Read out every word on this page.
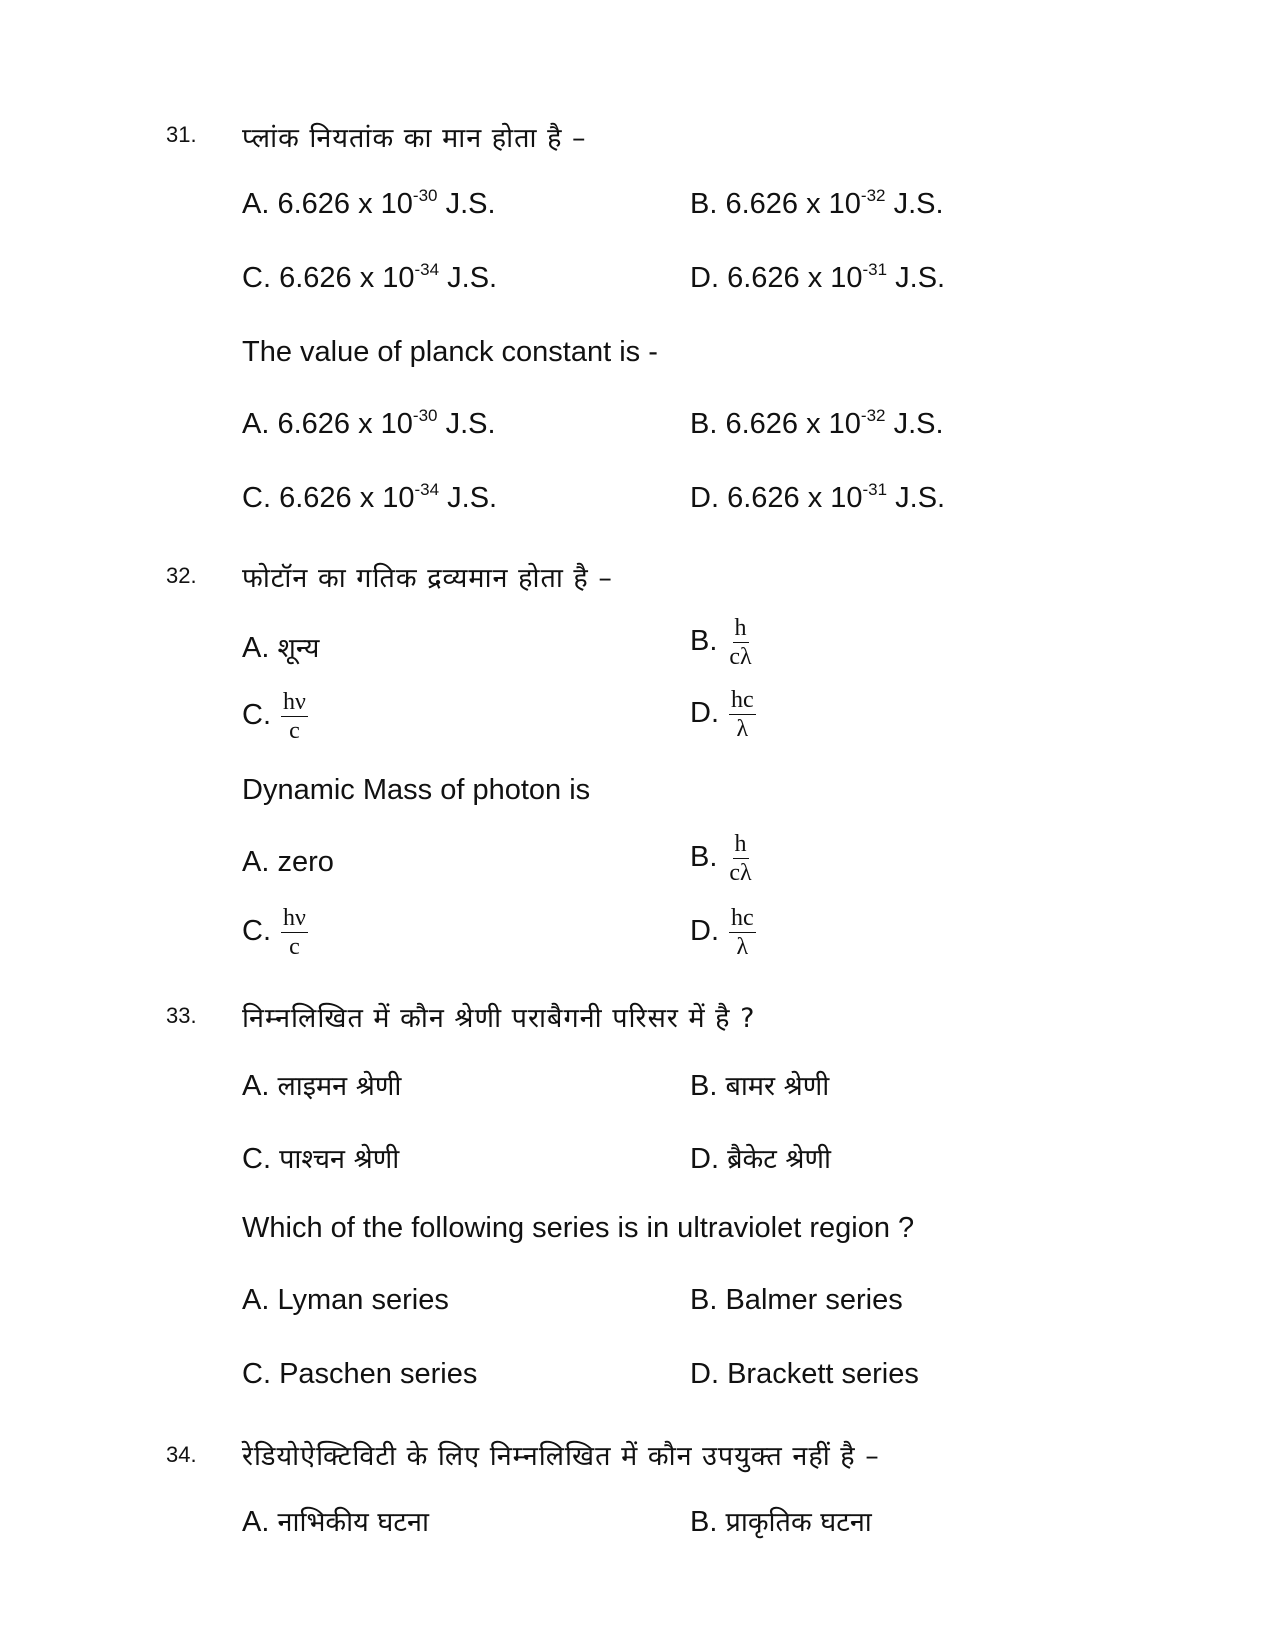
31. प्लांक नियतांक का मान होता है –
A. 6.626 x $10^{-30}$ J.S.	B. 6.626 x $10^{-32}$ J.S.
C. 6.626 x $10^{-34}$ J.S.	D. 6.626 x $10^{-31}$ J.S.
The value of planck constant is -
A. 6.626 x $10^{-30}$ J.S.	B. 6.626 x $10^{-32}$ J.S.
C. 6.626 x $10^{-34}$ J.S.	D. 6.626 x $10^{-31}$ J.S.
32. फोटॉन का गतिक द्रव्यमान होता है –
A. शून्य	B. $\frac{h}{c\lambda}$
C. $\frac{h\nu}{c}$	D. $\frac{hc}{\lambda}$
Dynamic Mass of photon is
A. zero	B. $\frac{h}{c\lambda}$
C. $\frac{h\nu}{c}$	D. $\frac{hc}{\lambda}$
33. निम्नलिखित में कौन श्रेणी पराबैगनी परिसर में है ?
A. लाइमन श्रेणी	B. बामर श्रेणी
C. पाश्चन श्रेणी	D. ब्रैकेट श्रेणी
Which of the following series is in ultraviolet region ?
A. Lyman series	B. Balmer series
C. Paschen series	D. Brackett series
34. रेडियोऐक्टिविटी के लिए निम्नलिखित में कौन उपयुक्त नहीं है –
A. नाभिकीय घटना	B. प्राकृतिक घटना
